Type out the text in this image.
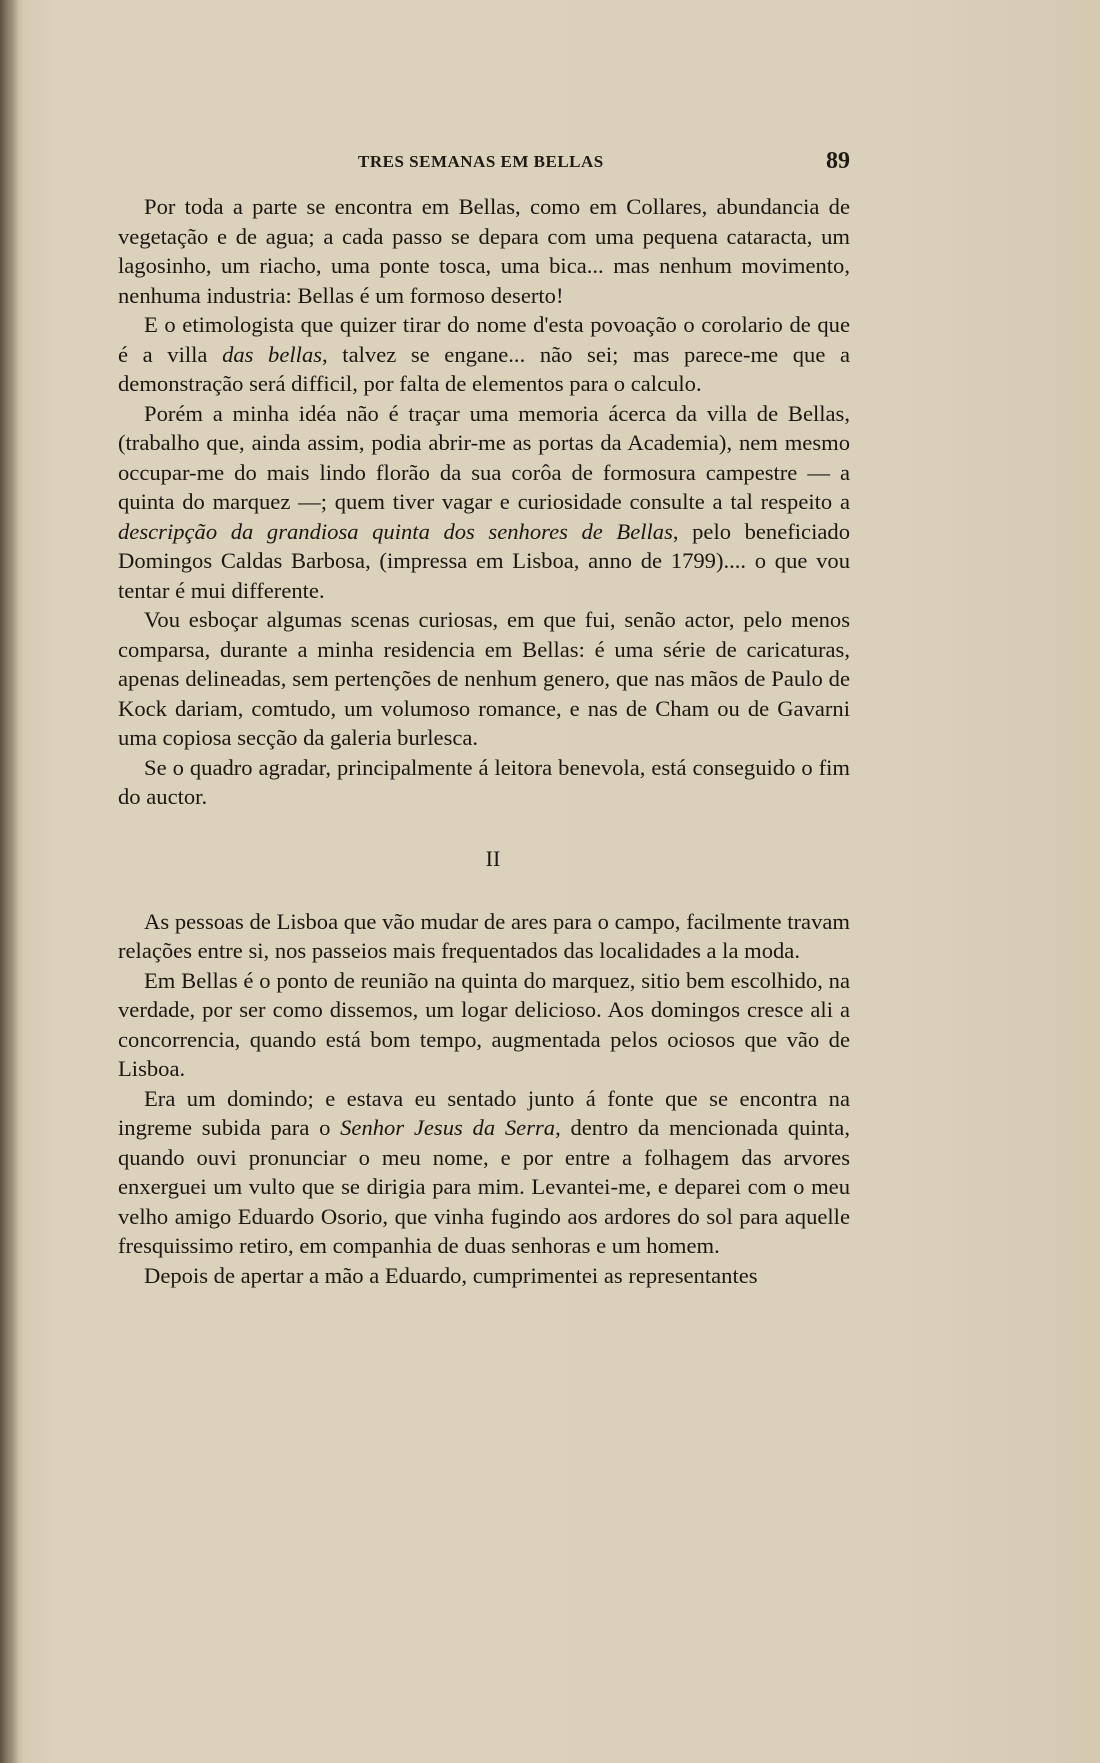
TRES SEMANAS EM BELLAS	89

Por toda a parte se encontra em Bellas, como em Collares, abundancia de vegetação e de agua; a cada passo se depara com uma pequena cataracta, um lagosinho, um riacho, uma ponte tosca, uma bica... mas nenhum movimento, nenhuma industria: Bellas é um formoso deserto!

E o etimologista que quizer tirar do nome d'esta povoação o corolario de que é a villa das bellas, talvez se engane... não sei; mas parece-me que a demonstração será difficil, por falta de elementos para o calculo.

Porém a minha idéa não é traçar uma memoria ácerca da villa de Bellas, (trabalho que, ainda assim, podia abrir-me as portas da Academia), nem mesmo occupar-me do mais lindo florão da sua corôa de formosura campestre — a quinta do marquez —; quem tiver vagar e curiosidade consulte a tal respeito a descripção da grandiosa quinta dos senhores de Bellas, pelo beneficiado Domingos Caldas Barbosa, (impressa em Lisboa, anno de 1799).... o que vou tentar é mui differente.

Vou esboçar algumas scenas curiosas, em que fui, senão actor, pelo menos comparsa, durante a minha residencia em Bellas: é uma série de caricaturas, apenas delineadas, sem pertenções de nenhum genero, que nas mãos de Paulo de Kock dariam, comtudo, um volumoso romance, e nas de Cham ou de Gavarni uma copiosa secção da galeria burlesca.

Se o quadro agradar, principalmente á leitora benevola, está conseguido o fim do auctor.

II

As pessoas de Lisboa que vão mudar de ares para o campo, facilmente travam relações entre si, nos passeios mais frequentados das localidades a la moda.

Em Bellas é o ponto de reunião na quinta do marquez, sitio bem escolhido, na verdade, por ser como dissemos, um logar delicioso. Aos domingos cresce ali a concorrencia, quando está bom tempo, augmentada pelos ociosos que vão de Lisboa.

Era um domindo; e estava eu sentado junto á fonte que se encontra na ingreme subida para o Senhor Jesus da Serra, dentro da mencionada quinta, quando ouvi pronunciar o meu nome, e por entre a folhagem das arvores enxerguei um vulto que se dirigia para mim. Levantei-me, e deparei com o meu velho amigo Eduardo Osorio, que vinha fugindo aos ardores do sol para aquelle fresquissimo retiro, em companhia de duas senhoras e um homem.

Depois de apertar a mão a Eduardo, cumprimentei as representantes
